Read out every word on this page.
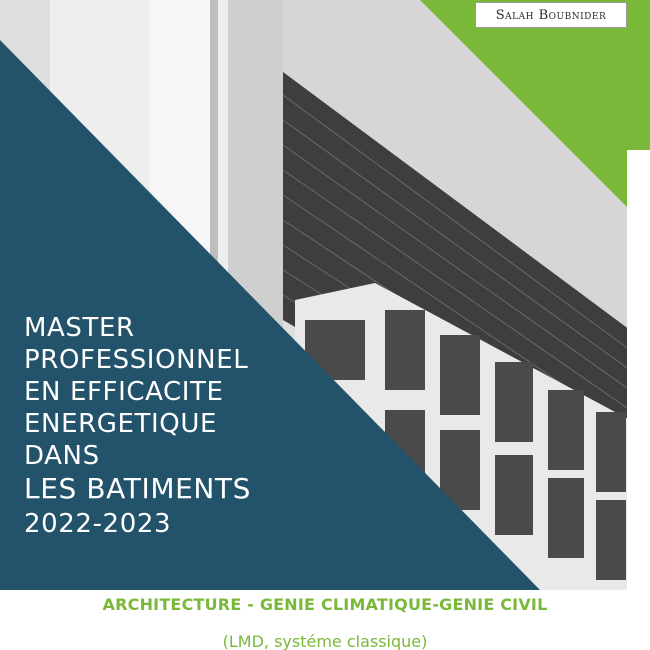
Salah Boubnider
MASTER
PROFESSIONNEL
EN EFFICACITE
ENERGETIQUE
DANS
LES BATIMENTS
2022-2023
ARCHITECTURE - GENIE CLIMATIQUE-GENIE CIVIL
(LMD, systéme classique)
